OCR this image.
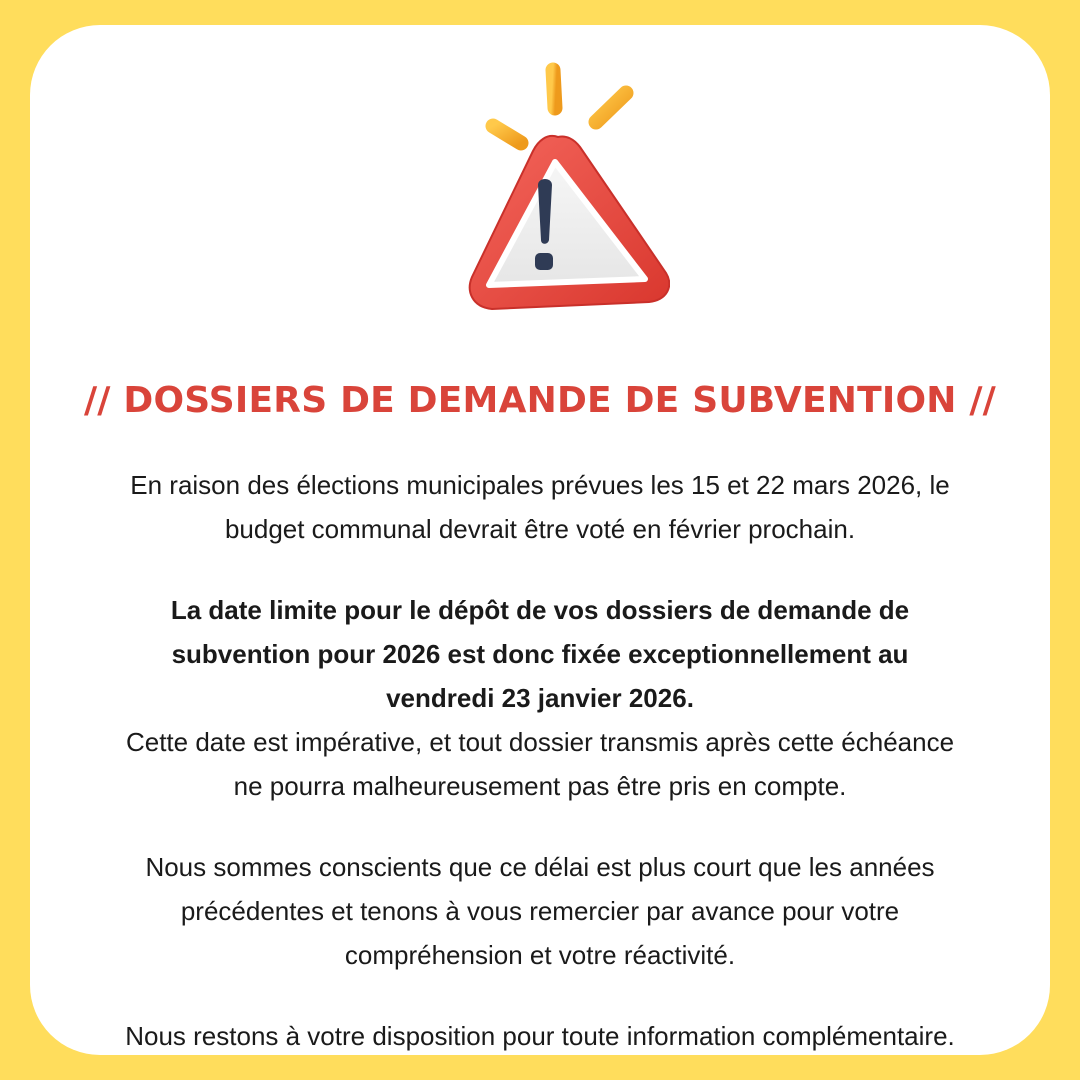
// DOSSIERS DE DEMANDE DE SUBVENTION //
En raison des élections municipales prévues les 15 et 22 mars 2026, le
budget communal devrait être voté en février prochain.
La date limite pour le dépôt de vos dossiers de demande de
subvention pour 2026 est donc fixée exceptionnellement au
vendredi 23 janvier 2026.
Cette date est impérative, et tout dossier transmis après cette échéance
ne pourra malheureusement pas être pris en compte.
Nous sommes conscients que ce délai est plus court que les années
précédentes et tenons à vous remercier par avance pour votre
compréhension et votre réactivité.
Nous restons à votre disposition pour toute information complémentaire.
